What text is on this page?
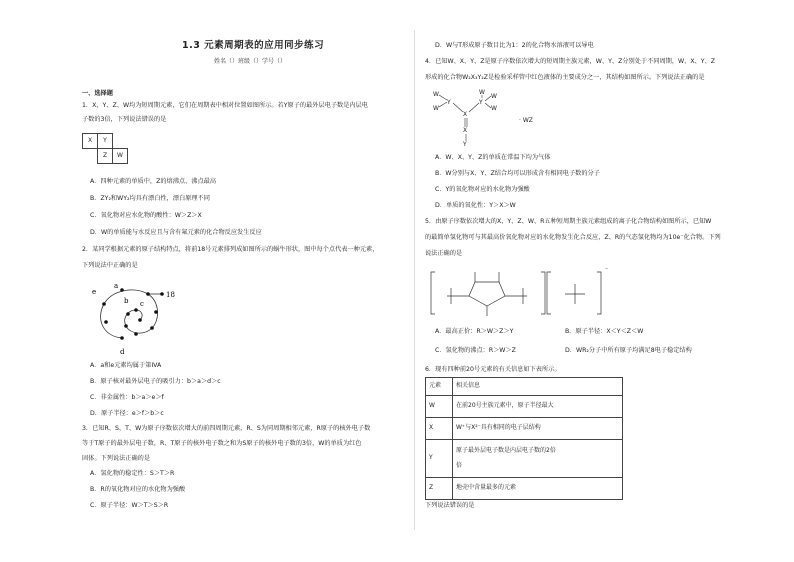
1.3 元素周期表的应用同步练习
姓名（）班级（）学号（）
一、选择题
1．X、Y、Z、W均为短周期元素，它们在周期表中相对位置如图所示。若Y原子的最外层电子数是内层电
子数的3倍，下列说法错误的是
X	Y	
	Z	W
A．四种元素的单质中，Z的熔沸点、沸点最高
B．ZY₂和WY₂均具有漂白性，漂白原理不同
C．氧化物对应水化物的酸性：W＞Z＞X
D．W的单质能与水反应且与含有氟元素的化合物反应发生反应
2．某同学根据元素的原子结构特点，将前18号元素排列成如图所示的蜗牛形状，图中每个点代表一种元素，
下列说法中正确的是
e
a
b c
d
18
A．a和e元素均属于第IVA
B．原子核对最外层电子的吸引力：b＞a＞d＞c
C．非金属性：b＞a＞e＞f
D．原子半径：e＞f＞b＞c
3．已知R、S、T、W为原子序数依次增大的前四周期元素，R、S为同周期相邻元素，R原子的核外电子数
等于T原子的最外层电子数，R、T原子的核外电子数之和为S原子的核外电子数的3倍，W的单质为红色
固体。下列说法正确的是
A．氢化物的稳定性：S＞T＞R
B．R的氧化物对应的水化物为强酸
C．原子半径：W＞T＞S＞R
D．W与T形成原子数目比为1：2的化合物水溶液可以导电
4．已知W、X、Y、Z是原子序数依次增大的短周期主族元素，W、Y、Z分别处于不同周期，W、X、Y、Z
形成的化合物W₂X₃Y₂Z是检验采样管中红色液体的主要成分之一，其结构如图所示。下列说法正确的是
W
W
Y
X
Y
W
W
W
X
Y
· WZ
A．W、X、Y、Z的单质在常温下均为气体
B．W分别与X、Y、Z结合均可以形成含有相同电子数的分子
C．Y的氧化物对应的水化物为强酸
D．单质的氧化性：Y＞X＞W
5．由原子序数依次增大的X、Y、Z、W、R五种短周期主族元素组成的离子化合物结构如图所示，已知W
的最简单氢化物可与其最高价氧化物对应的水化物发生化合反应，Z、R的气态氢化物均为10e⁻化合物。下列
说法正确的是
⁻
A．最高正价：R＞W＞Z＞Y	B．原子半径：X＜Y＜Z＜W
C．氢化物的沸点：R＞W＞Z	D．WR₂分子中所有原子均满足8电子稳定结构
6．现有四种前20号元素的有关信息如下表所示。
元素	相关信息
W	在前20号主族元素中，原子半径最大
X	W⁺与X²⁻具有相同的电子层结构
Y	原子最外层电子数是内层电子数的2倍
倍

Z	地壳中含量最多的元素
下列说法错误的是
